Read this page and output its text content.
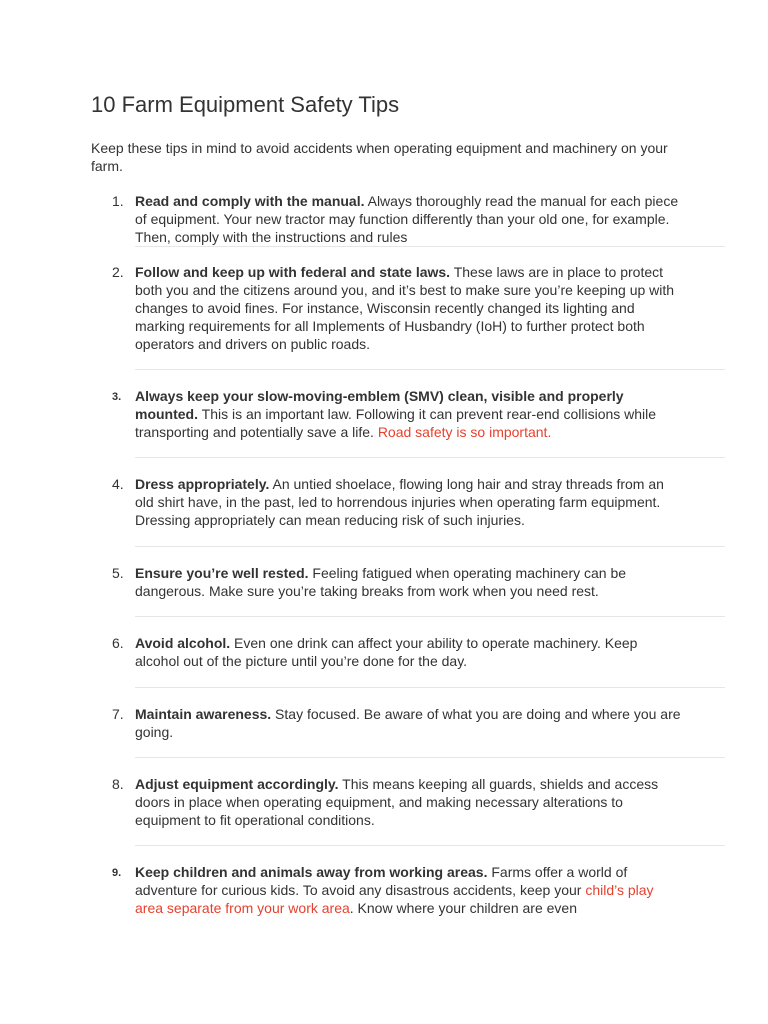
10 Farm Equipment Safety Tips

Keep these tips in mind to avoid accidents when operating equipment and machinery on your farm.

1. Read and comply with the manual. Always thoroughly read the manual for each piece of equipment. Your new tractor may function differently than your old one, for example. Then, comply with the instructions and rules
2. Follow and keep up with federal and state laws. These laws are in place to protect both you and the citizens around you, and it’s best to make sure you’re keeping up with changes to avoid fines. For instance, Wisconsin recently changed its lighting and marking requirements for all Implements of Husbandry (IoH) to further protect both operators and drivers on public roads.
3. Always keep your slow-moving-emblem (SMV) clean, visible and properly mounted. This is an important law. Following it can prevent rear-end collisions while transporting and potentially save a life. Road safety is so important.
4. Dress appropriately. An untied shoelace, flowing long hair and stray threads from an old shirt have, in the past, led to horrendous injuries when operating farm equipment. Dressing appropriately can mean reducing risk of such injuries.
5. Ensure you’re well rested. Feeling fatigued when operating machinery can be dangerous. Make sure you’re taking breaks from work when you need rest.
6. Avoid alcohol. Even one drink can affect your ability to operate machinery. Keep alcohol out of the picture until you’re done for the day.
7. Maintain awareness. Stay focused. Be aware of what you are doing and where you are going.
8. Adjust equipment accordingly. This means keeping all guards, shields and access doors in place when operating equipment, and making necessary alterations to equipment to fit operational conditions.
9. Keep children and animals away from working areas. Farms offer a world of adventure for curious kids. To avoid any disastrous accidents, keep your child’s play area separate from your work area. Know where your children are even
